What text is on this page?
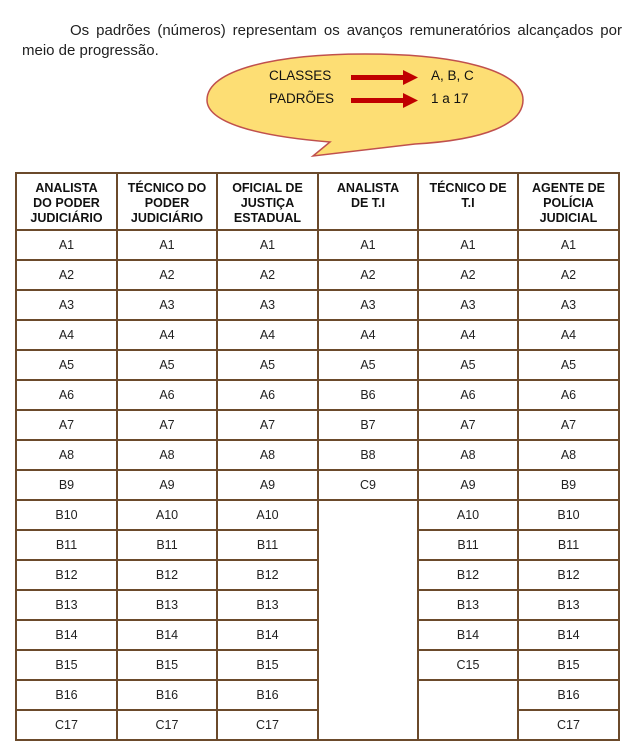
Os padrões (números) representam os avanços remuneratórios alcançados por meio de progressão.

CLASSES	A, B, C
PADRÕES	1 a 17
ANALISTA DO PODER JUDICIÁRIO	TÉCNICO DO PODER JUDICIÁRIO	OFICIAL DE JUSTIÇA ESTADUAL	ANALISTA DE T.I	TÉCNICO DE T.I	AGENTE DE POLÍCIA JUDICIAL
A1	A1	A1	A1	A1	A1
A2	A2	A2	A2	A2	A2
A3	A3	A3	A3	A3	A3
A4	A4	A4	A4	A4	A4
A5	A5	A5	A5	A5	A5
A6	A6	A6	B6	A6	A6
A7	A7	A7	B7	A7	A7
A8	A8	A8	B8	A8	A8
B9	A9	A9	C9	A9	B9
B10	A10	A10		A10	B10
B11	B11	B11		B11	B11
B12	B12	B12		B12	B12
B13	B13	B13		B13	B13
B14	B14	B14		B14	B14
B15	B15	B15		C15	B15
B16	B16	B16			B16
C17	C17	C17			C17
